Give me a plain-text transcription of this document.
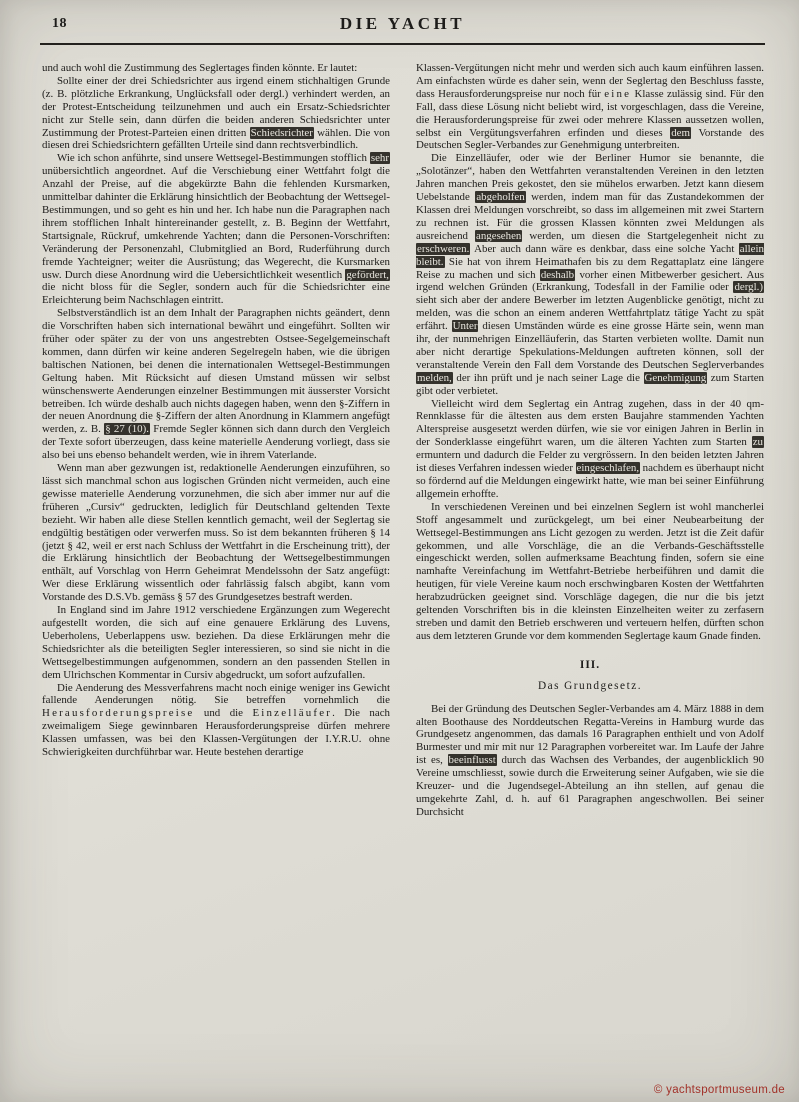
18	DIE YACHT

und auch wohl die Zustimmung des Seglertages finden könnte. Er lautet:

Sollte einer der drei Schiedsrichter aus irgend einem stichhaltigen Grunde (z. B. plötzliche Erkrankung, Unglücksfall oder dergl.) verhindert werden, an der Protest-Entscheidung teilzunehmen und auch ein Ersatz-Schiedsrichter nicht zur Stelle sein, dann dürfen die beiden anderen Schiedsrichter unter Zustimmung der Protest-Parteien einen dritten Schiedsrichter wählen. Die von diesen drei Schiedsrichtern gefällten Urteile sind dann rechtsverbindlich.

Wie ich schon anführte, sind unsere Wettsegel-Bestimmungen stofflich sehr unübersichtlich angeordnet. Auf die Verschiebung einer Wettfahrt folgt die Anzahl der Preise, auf die abgekürzte Bahn die fehlenden Kursmarken, unmittelbar dahinter die Erklärung hinsichtlich der Beobachtung der Wettsegel-Bestimmungen, und so geht es hin und her. Ich habe nun die Paragraphen nach ihrem stofflichen Inhalt hintereinander gestellt, z. B. Beginn der Wettfahrt, Startsignale, Rückruf, umkehrende Yachten; dann die Personen-Vorschriften: Veränderung der Personenzahl, Clubmitglied an Bord, Ruderführung durch fremde Yachteigner; weiter die Ausrüstung; das Wegerecht, die Kursmarken usw. Durch diese Anordnung wird die Uebersichtlichkeit wesentlich gefördert, die nicht bloss für die Segler, sondern auch für die Schiedsrichter eine Erleichterung beim Nachschlagen eintritt.

Selbstverständlich ist an dem Inhalt der Paragraphen nichts geändert, denn die Vorschriften haben sich international bewährt und eingeführt. Sollten wir früher oder später zu der von uns angestrebten Ostsee-Segelgemeinschaft kommen, dann dürfen wir keine anderen Segelregeln haben, wie die übrigen baltischen Nationen, bei denen die internationalen Wettsegel-Bestimmungen Geltung haben. Mit Rücksicht auf diesen Umstand müssen wir selbst wünschenswerte Aenderungen einzelner Bestimmungen mit äusserster Vorsicht betreiben. Ich würde deshalb auch nichts dagegen haben, wenn den §-Ziffern in der neuen Anordnung die §-Ziffern der alten Anordnung in Klammern angefügt werden, z. B. § 27 (10). Fremde Segler können sich dann durch den Vergleich der Texte sofort überzeugen, dass keine materielle Aenderung vorliegt, dass sie also bei uns ebenso behandelt werden, wie in ihrem Vaterlande.

Wenn man aber gezwungen ist, redaktionelle Aenderungen einzuführen, so lässt sich manchmal schon aus logischen Gründen nicht vermeiden, auch eine gewisse materielle Aenderung vorzunehmen, die sich aber immer nur auf die früheren „Cursiv“ gedruckten, lediglich für Deutschland geltenden Texte bezieht. Wir haben alle diese Stellen kenntlich gemacht, weil der Seglertag sie endgültig bestätigen oder verwerfen muss. So ist dem bekannten früheren § 14 (jetzt § 42, weil er erst nach Schluss der Wettfahrt in die Erscheinung tritt), der die Erklärung hinsichtlich der Beobachtung der Wettsegelbestimmungen enthält, auf Vorschlag von Herrn Geheimrat Mendelssohn der Satz angefügt: Wer diese Erklärung wissentlich oder fahrlässig falsch abgibt, kann vom Vorstande des D.S.Vb. gemäss § 57 des Grundgesetzes bestraft werden.

In England sind im Jahre 1912 verschiedene Ergänzungen zum Wegerecht aufgestellt worden, die sich auf eine genauere Erklärung des Luvens, Ueberholens, Ueberlappens usw. beziehen. Da diese Erklärungen mehr die Schiedsrichter als die beteiligten Segler interessieren, so sind sie nicht in die Wettsegelbestimmungen aufgenommen, sondern an den passenden Stellen in dem Ulrichschen Kommentar in Cursiv abgedruckt, um sofort aufzufallen.

Die Aenderung des Messverfahrens macht noch einige weniger ins Gewicht fallende Aenderungen nötig. Sie betreffen vornehmlich die Herausforderungspreise und die Einzelläufer. Die nach zweimaligem Siege gewinnbaren Herausforderungspreise dürfen mehrere Klassen umfassen, was bei den Klassen-Vergütungen der I.Y.R.U. ohne Schwierigkeiten durchführbar war. Heute bestehen derartige

Klassen-Vergütungen nicht mehr und werden sich auch kaum einführen lassen. Am einfachsten würde es daher sein, wenn der Seglertag den Beschluss fasste, dass Herausforderungspreise nur noch für eine Klasse zulässig sind. Für den Fall, dass diese Lösung nicht beliebt wird, ist vorgeschlagen, dass die Vereine, die Herausforderungspreise für zwei oder mehrere Klassen aussetzen wollen, selbst ein Vergütungsverfahren erfinden und dieses dem Vorstande des Deutschen Segler-Verbandes zur Genehmigung unterbreiten.

Die Einzelläufer, oder wie der Berliner Humor sie benannte, die „Solotänzer“, haben den Wettfahrten veranstaltenden Vereinen in den letzten Jahren manchen Preis gekostet, den sie mühelos erwarben. Jetzt kann diesem Uebelstande abgeholfen werden, indem man für das Zustandekommen der Klassen drei Meldungen vorschreibt, so dass im allgemeinen mit zwei Startern zu rechnen ist. Für die grossen Klassen könnten zwei Meldungen als ausreichend angesehen werden, um diesen die Startgelegenheit nicht zu erschweren. Aber auch dann wäre es denkbar, dass eine solche Yacht allein bleibt. Sie hat von ihrem Heimathafen bis zu dem Regattaplatz eine längere Reise zu machen und sich deshalb vorher einen Mitbewerber gesichert. Aus irgend welchen Gründen (Erkrankung, Todesfall in der Familie oder dergl.) sieht sich aber der andere Bewerber im letzten Augenblicke genötigt, nicht zu melden, was die schon an einem anderen Wettfahrtplatz tätige Yacht zu spät erfährt. Unter diesen Umständen würde es eine grosse Härte sein, wenn man ihr, der nunmehrigen Einzelläuferin, das Starten verbieten wollte. Damit nun aber nicht derartige Spekulations-Meldungen auftreten können, soll der veranstaltende Verein den Fall dem Vorstande des Deutschen Seglerverbandes melden, der ihn prüft und je nach seiner Lage die Genehmigung zum Starten gibt oder verbietet.

Vielleicht wird dem Seglertag ein Antrag zugehen, dass in der 40 qm-Rennklasse für die ältesten aus dem ersten Baujahre stammenden Yachten Alterspreise ausgesetzt werden dürfen, wie sie vor einigen Jahren in Berlin in der Sonderklasse eingeführt waren, um die älteren Yachten zum Starten zu ermuntern und dadurch die Felder zu vergrössern. In den beiden letzten Jahren ist dieses Verfahren indessen wieder eingeschlafen, nachdem es überhaupt nicht so fördernd auf die Meldungen eingewirkt hatte, wie man bei seiner Einführung allgemein erhoffte.

In verschiedenen Vereinen und bei einzelnen Seglern ist wohl mancherlei Stoff angesammelt und zurückgelegt, um bei einer Neubearbeitung der Wettsegel-Bestimmungen ans Licht gezogen zu werden. Jetzt ist die Zeit dafür gekommen, und alle Vorschläge, die an die Verbands-Geschäftsstelle eingeschickt werden, sollen aufmerksame Beachtung finden, sofern sie eine namhafte Vereinfachung im Wettfahrt-Betriebe herbeiführen und damit die heutigen, für viele Vereine kaum noch erschwingbaren Kosten der Wettfahrten herabzudrücken geeignet sind. Vorschläge dagegen, die nur die bis jetzt geltenden Vorschriften bis in die kleinsten Einzelheiten weiter zu zerfasern streben und damit den Betrieb erschweren und verteuern helfen, dürften schon aus dem letzteren Grunde vor dem kommenden Seglertage kaum Gnade finden.

III.

Das Grundgesetz.

Bei der Gründung des Deutschen Segler-Verbandes am 4. März 1888 in dem alten Boothause des Norddeutschen Regatta-Vereins in Hamburg wurde das Grundgesetz angenommen, das damals 16 Paragraphen enthielt und von Adolf Burmester und mir mit nur 12 Paragraphen vorbereitet war. Im Laufe der Jahre ist es, beeinflusst durch das Wachsen des Verbandes, der augenblicklich 90 Vereine umschliesst, sowie durch die Erweiterung seiner Aufgaben, wie sie die Kreuzer- und die Jugendsegel-Abteilung an ihn stellen, auf genau die umgekehrte Zahl, d. h. auf 61 Paragraphen angeschwollen. Bei seiner Durchsicht

© yachtsportmuseum.de
